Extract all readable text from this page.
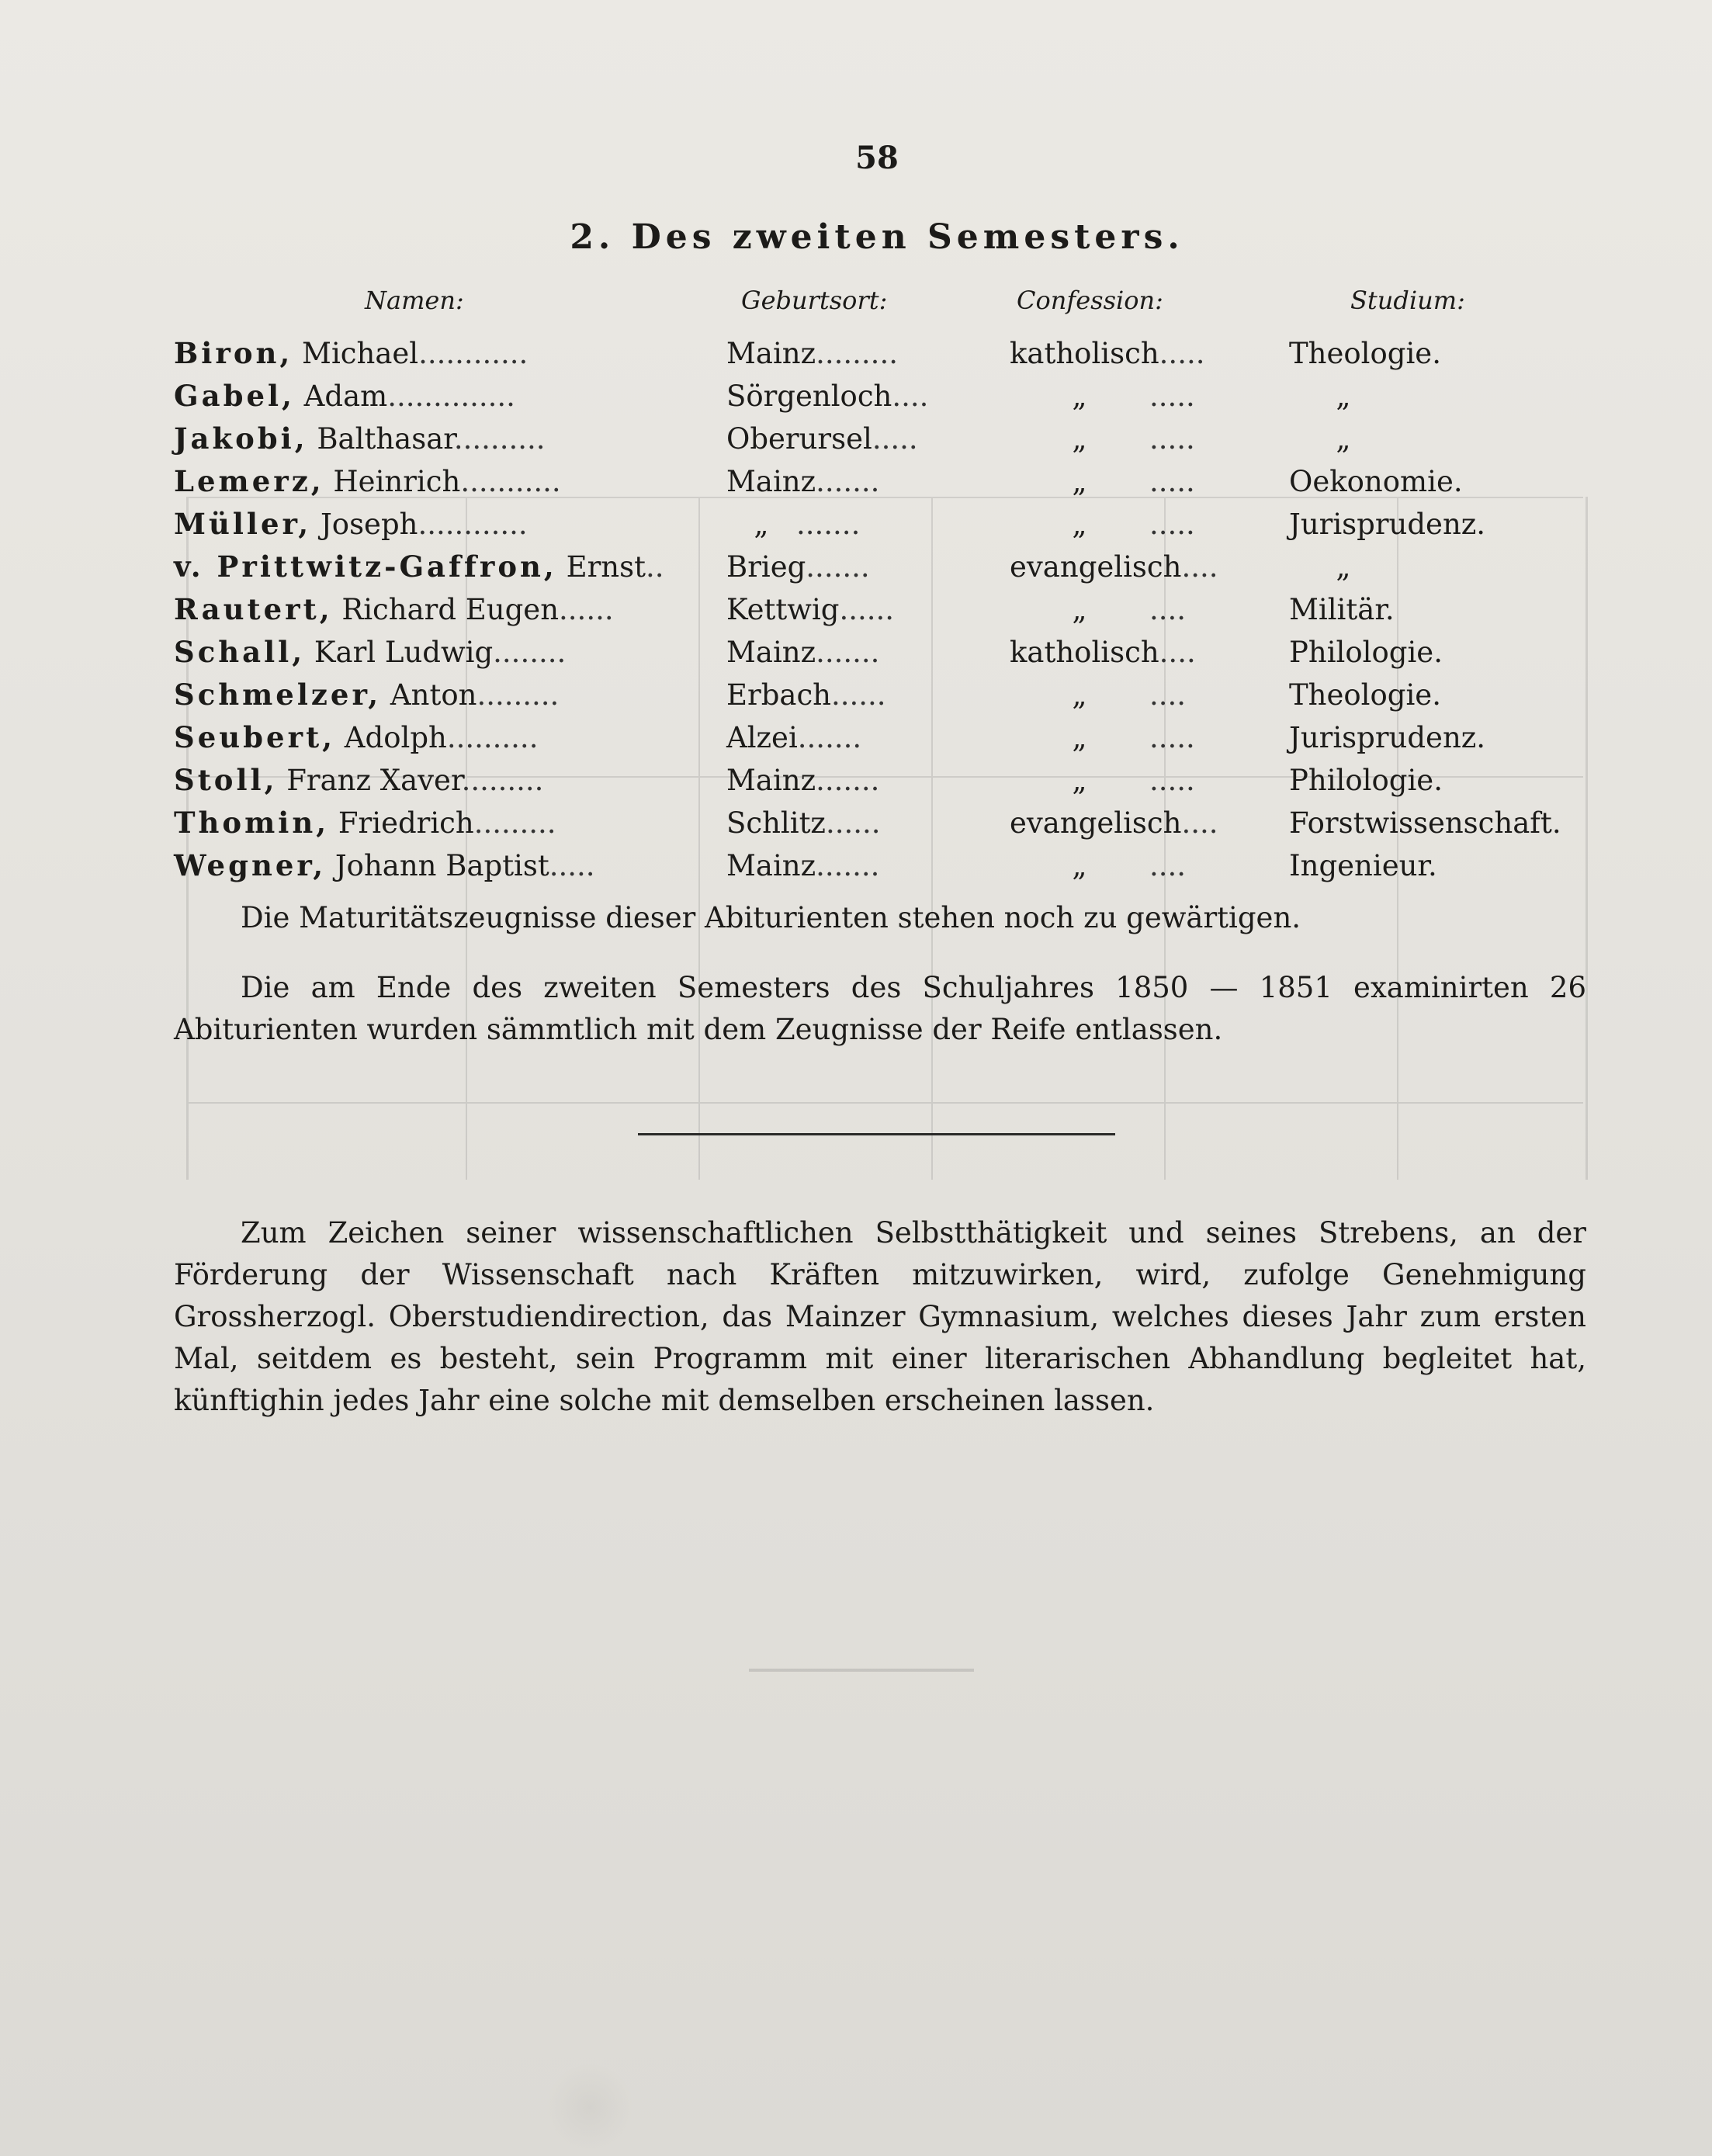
58
2. Des zweiten Semesters.
Namen:	Geburtsort:	Confession:	Studium:
Biron, Michael............	Mainz.........	katholisch.....	Theologie.
Gabel, Adam..............	Sörgenloch....	„ .....	„
Jakobi, Balthasar..........	Oberursel.....	„ .....	„
Lemerz, Heinrich...........	Mainz.......	„ .....	Oekonomie.
Müller, Joseph............	„ .......	„ .....	Jurisprudenz.
v. Prittwitz-Gaffron, Ernst.. Brieg.......	evangelisch....	„
Rautert, Richard Eugen......	Kettwig......	„ ....	Militär.
Schall, Karl Ludwig........	Mainz.......	katholisch....	Philologie.
Schmelzer, Anton.........	Erbach......	„ ....	Theologie.
Seubert, Adolph..........	Alzei.......	„ .....	Jurisprudenz.
Stoll, Franz Xaver.........	Mainz.......	„ .....	Philologie.
Thomin, Friedrich.........	Schlitz......	evangelisch.... Forstwissenschaft.
Wegner, Johann Baptist.....	Mainz.......	„ ....	Ingenieur.
Die Maturitätszeugnisse dieser Abiturienten stehen noch zu gewärtigen.
Die am Ende des zweiten Semesters des Schuljahres 1850 — 1851 examinirten 26 Abiturienten wurden sämmtlich mit dem Zeugnisse der Reife entlassen.
Zum Zeichen seiner wissenschaftlichen Selbstthätigkeit und seines Strebens, an der Förderung der Wissenschaft nach Kräften mitzuwirken, wird, zufolge Genehmigung Grossherzogl. Oberstudiendirection, das Mainzer Gymnasium, welches dieses Jahr zum ersten Mal, seitdem es besteht, sein Programm mit einer literarischen Abhandlung begleitet hat, künftighin jedes Jahr eine solche mit demselben erscheinen lassen.
